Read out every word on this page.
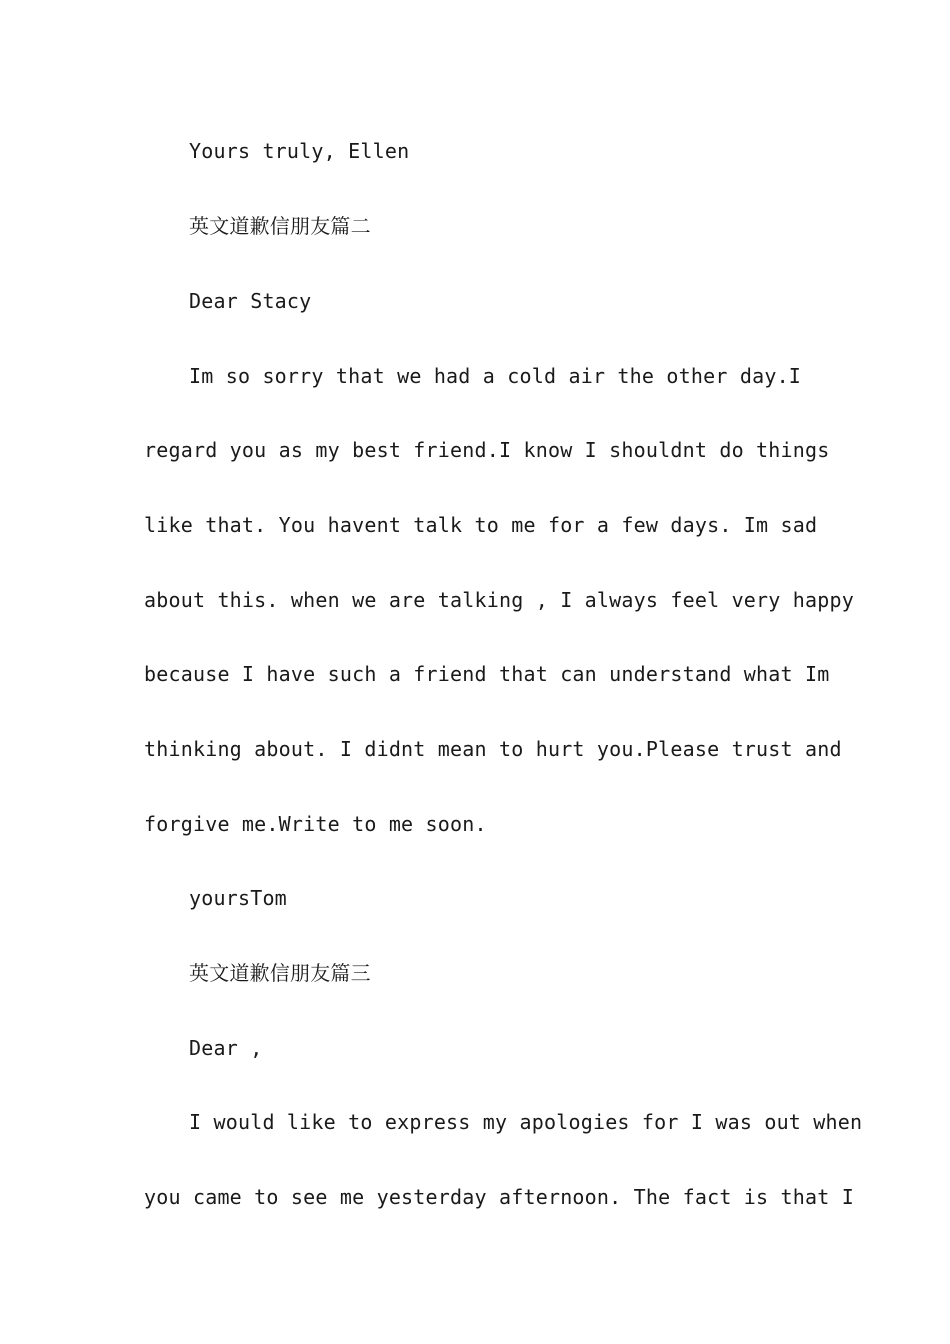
Yours truly, Ellen
英文道歉信朋友篇二
Dear Stacy
Im so sorry that we had a cold air the other day.I
regard you as my best friend.I know I shouldnt do things
like that. You havent talk to me for a few days. Im sad
about this. when we are talking , I always feel very happy
because I have such a friend that can understand what Im
thinking about. I didnt mean to hurt you.Please trust and
forgive me.Write to me soon.
yoursTom
英文道歉信朋友篇三
Dear ,
I would like to express my apologies for I was out when
you came to see me yesterday afternoon. The fact is that I
